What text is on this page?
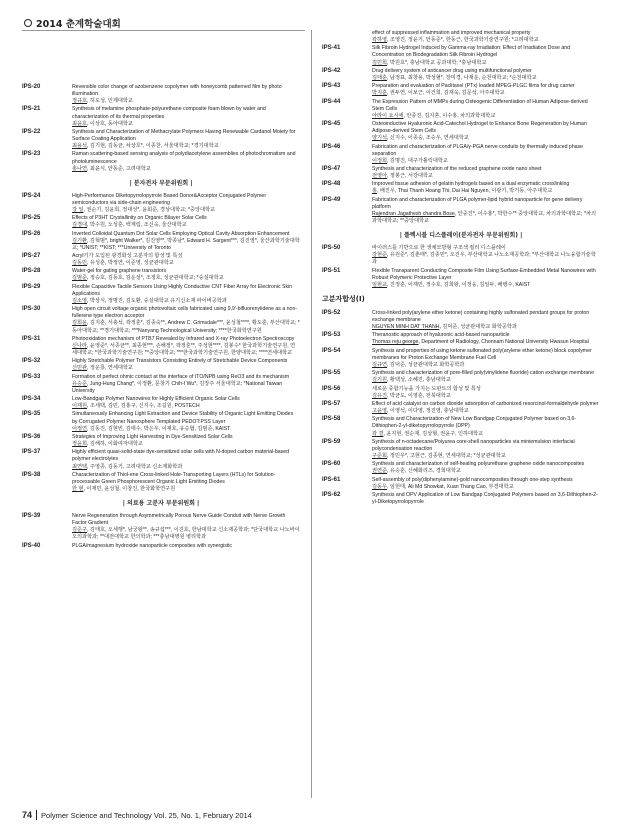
2014 춘계학술대회
IPS-20	Reversible color change of azobenzene copolymer with honeycomb patterned film by photo illumination
정규호, 허도성, 인제대학교
IPS-21	Synthesis of melamine phosphate-polyurethane composite foam blown by water and characterization of its thermal properties
최윤호, 이상호, 동아대학교
IPS-22	Synthesis and Characterization of Methacrylate Polymers Having Renewable Cardanol Moiety for Surface Coating Application
최용석, 김기현, 김동균, 차상호*, 이종찬, 서울대학교; *경기대학교
IPS-23	Raman scattering-based sensing analysis of polydiacetylene assemblies of photochromatism and photoluminescence
홍나연, 최윤식, 안동준, 고려대학교
| 분자전자 부문위원회 |
IPS-24	High-Performance Diketopyrrolopyrrole Based Donor&Acceptor Conjugated Polymer semiconductors via side-chain engineering
강 일, 권순기, 김윤희, 정대성*, 윤회준, 경상대학교; *중앙대학교
IPS-25	Effects of P3HT Crystallinity on Organic Bilayer Solar Cells
김경대, 박수원, 노성훈, 백계림, 조신욱, 울산대학교
IPS-26	Inverted Colloidal Quantum Dot Solar Cells Employing Optical Cavity Absorption Enhancement
김기환, 김혁범*, bright Walker*, 김진영**, 박종남*, Edward H. Sargent***, 김진영*, 울산과학기술대학교; *UNIST; **KIST; ***University of Toronto
IPS-27	Acryl기가 도입된 광경화성 고분자의 합성 및 특성
김동민, 유성훈, 박정연, 이준영, 성균관대학교
IPS-28	Water-gel for gating graphene transistors
김범준, 정승호, 김동호, 김운성*, 조정호, 성균관대학교; *숭실대학교
IPS-29	Flexible Capacitive Tactile Sensors Using Highly Conductive CNT Fiber Array for Electronic Skin Applications
김소영, 박상식, 정명진, 김도환, 숭실대학교 유기신소재 파이버공학과
IPS-30	High open circuit voltage organic photovoltaic cells fabricated using 9,9'-bifluorenylidene as a non-fullerene type electron acceptor
김희윤, 김지훈, 서총석, 곽정훈*, 김종숙**, Andrew C. Grimsdale***, 윤성철****, 황도훈, 부산대학교; *동아대학교; **경기대학교; ***Nanyang Technological University; ****한국화학연구원
IPS-31	Photooxidation mechanism of PTB7 Revealed by Infrared and X-ray Photoelectron Spectroscopy
신나라, 윤영준*, 서종균**, 최종현***, 손해정*, 곽정훈**, 주성현****, 김봉수* 한국과학기술연구원, 연세대학교; *한국과학기술연구원; **중앙대학교; ***한국과학기술연구원, 한양대학교; ****연세대학교
IPS-32	Highly Stretchable Polymer Transistors Consisting Entirely of Stretchable Device Components
신민관, 정운룡, 연세대학교
IPS-33	Formation of perfect ohmic contact at the interface of ITO/NPB using ReO3 and its mechanism
유승준, Jung-Hung Chang*, 이정환, 문창기 Chih-I Wu*, 김장주 서울대학교; *National Taiwan University
IPS-34	Low-Bandgap Polymer Nanowires for Highly Efficient Organic Solar Cells
이재원, 조세택, 김민, 김홍구, 신지수, 조길원, POSTECH
IPS-35	Simultaneously Enhancing Light Extraction and Device Stability of Organic Light Emitting Diodes by Corrugated Polymer Nanosphere Templated PEDOT:PSS Layer
이정연, 김동진, 김현빈, 김태수, 박은우, 이재호, 유승협, 김범준, KAIST
IPS-36	Strategies of Improving Light Harvesting in Dye-Sensitized Solar Cells
정윤희, 김해하, 이화여자대학교
IPS-37	Highly efficient quasi-solid-state dye-sensitized solar cells with N-doped carbon material-based polymer electrolytes
최연택, 주영종, 김동기, 고려대학교 신소재화학과
IPS-38	Characterization of Thiol-ene Cross-linked Hole-Transporting Layers (HTLs) for Solution-processable Green Phosphorescent Organic Light Emitting Diodes
한 현, 이재민, 윤성철, 이창진, 한국화학연구원
| 의료용 고분자 부문위원회 |
IPS-39	Nerve Regeneration through Asymmetrically Porous Nerve Guide Conduit with Nerve Growth Factor Gradient
김준구, 김태호, 오세행*, 남궁왕**, 송규섭***, 이진호, 한남대학교 신소재공학과; *단국대학교 나노바이오의과학과; **대전대학교 한의학과; ***충남대병원 병리학과
IPS-40	PLGA/magnesium hydroxide nanoparticle composites with synergistic
effect of suppressed inflammation and improved mechanical property
곽하영, 조영진, 정윤기, 안동준*, 한동근, 한국과학기술연구원; *고려대학교
IPS-41	Silk Fibroin Hydrogel Induced by Gamma-ray Irradiation: Effect of Irradiation Dose and Concentration on Biodegradation Silk Fibroin Hydrogel
김민희, 박원호*, 충남대학교 공과대학; *충남대학교
IPS-42	Drug delivery system of anticancer drug using multifunctional polymer
김태훈, 남정표, 최창용, 박성혈*, 장미경, 나재운, 순천대학교; *순천대학교
IPS-43	Preparation and evaluation of Paclitaxel (PTx) loaded MPEG-PLGC films for drug carrier
박지훈, 권두연, 이보근, 이건희, 김재욱, 김문석, 아주대학교
IPS-44	The Expression Pattern of MMPs during Osteogenic Differentiation of Human Adipose-derived Stem Cells
아라이 요시에, 안종진, 김지혼, 이수홍, 차의과학대학교
IPS-45	Osteoinductive Hyaluronic Acid-Catechol Hydrogel to Enhance Bone Regeneration by Human Adipose-derived Stem Cells
양기석, 신지수, 이종승, 조승우, 연세대학교
IPS-46	Fabrication and characterization of PLGA/γ-PGA nerve conduits by thermally induced phase separation
이정희, 김명진, 대구가톨릭대학교
IPS-47	Synthesis and characterization of the reduced graphene oxide nano sheet
전영아, 정봉근, 서강대학교
IPS-48	Improved tissue adhesion of gelatin hydrogels based on a dual enzymatic crosslinking
홍, 배진우, Thai Thanh Hoang Thi, Dai Hai Nguyen, 이광기, 박기동, 아주대학교
IPS-49	Fabrication and characterization of PLGA polymer-lipid hybrid nanoparticle for gene delivery platform
Rajendran Jagathesh chandra Bose, 안중진*, 이수홍*, 박한수** 중앙대학교, 차의과학대학교; *차의과학대학교; **중앙대학교
| 플렉시블 디스플레이(분자전자 부문위원회) |
IPS-50	바이러스를 기반으로 한 생체모방형 구조색 컬러 디스플레이
강현준, 유원준*, 김춘태*, 김종민*, 오진우, 부산대학교 나노소재공학과; *부산대학교 나노융합기술학과
IPS-51	Flexible Transparent Conducting Composite Film Using Surface-Embedded Metal Nanowires with Robust Polymeric Protective Layer
임현교, 진정훈, 이재민, 정수호, 김희왕, 이정웅, 김일두, 배병수, KAIST
고분자합성(I)
IPS-52	Cross-linked poly(arylene ether ketone) containing highly sulfonated pendant groups for proton exchange membrane
NGUYEN MINH DAT THANH, 김덕준, 성균관대학교 화학공학과
IPS-53	Theranostic approach of hyaluronic acid-based nanoparticle
Thomas reju george, Department of Radiology, Chonnam National University Hwasun Hospital
IPS-54	Synthesis and properties of using ketone sulfonated poly(arylene ether ketone) block copolymer membranes for Proton Exchange Membrane Fuel Cell
김규연, 김덕준, 성균관대학교 화학공학과
IPS-55	Synthesis and characterization of pore-filled poly(vinylidene fluoride) cation exchange membrane
김기원, 황택성, 소혜진, 충남대학교
IPS-56	새로운 중합기능을 가지는 도판트의 합성 및 특성
김유진, 박균도, 이영훈, 전북대학교
IPS-57	Effect of acid catalyst on carbon dioxide adsorption of carbonized resorcinol-formaldehyde polymer
고윤영, 이영석, 이다영, 정진영, 충남대학교
IPS-58	Synthesis and Characterization of New Low Bandgap Conjugated Polymer based on 3,6-Dithiophen-2-yl-diketopyrrolopyrrole (DPP)
곽 결, 윤지현, 권순재, 김상형, 권윤구, 인하대학교
IPS-59	Synthesis of n-octadecane/Polyurea core-shell nanoparticles via miniemulsion interfacial polycondensation reaction
구준회, 정민우*, 고현근, 김종현, 연세대학교; *성균관대학교
IPS-60	Synthesis and characterization of self-healing polyurethane graphene oxide nanocomposites
권연준, 유승훈, 신혜화리즈, 경희대학교
IPS-61	Self-assembly of poly(diphenylamine)-gold nanocomposites through one-step synthesis
김동우, 임헌태, Ali Md Showkat, Xuan Thang Cao, 부경대학교
IPS-62	Synthesis and OPV Application of Low Bandgap Conjugated Polymers based on 3,6-Dithiophen-2-yl-Diketopyrrolopyrrole
74 Polymer Science and Technology Vol. 25, No. 1, February 2014
